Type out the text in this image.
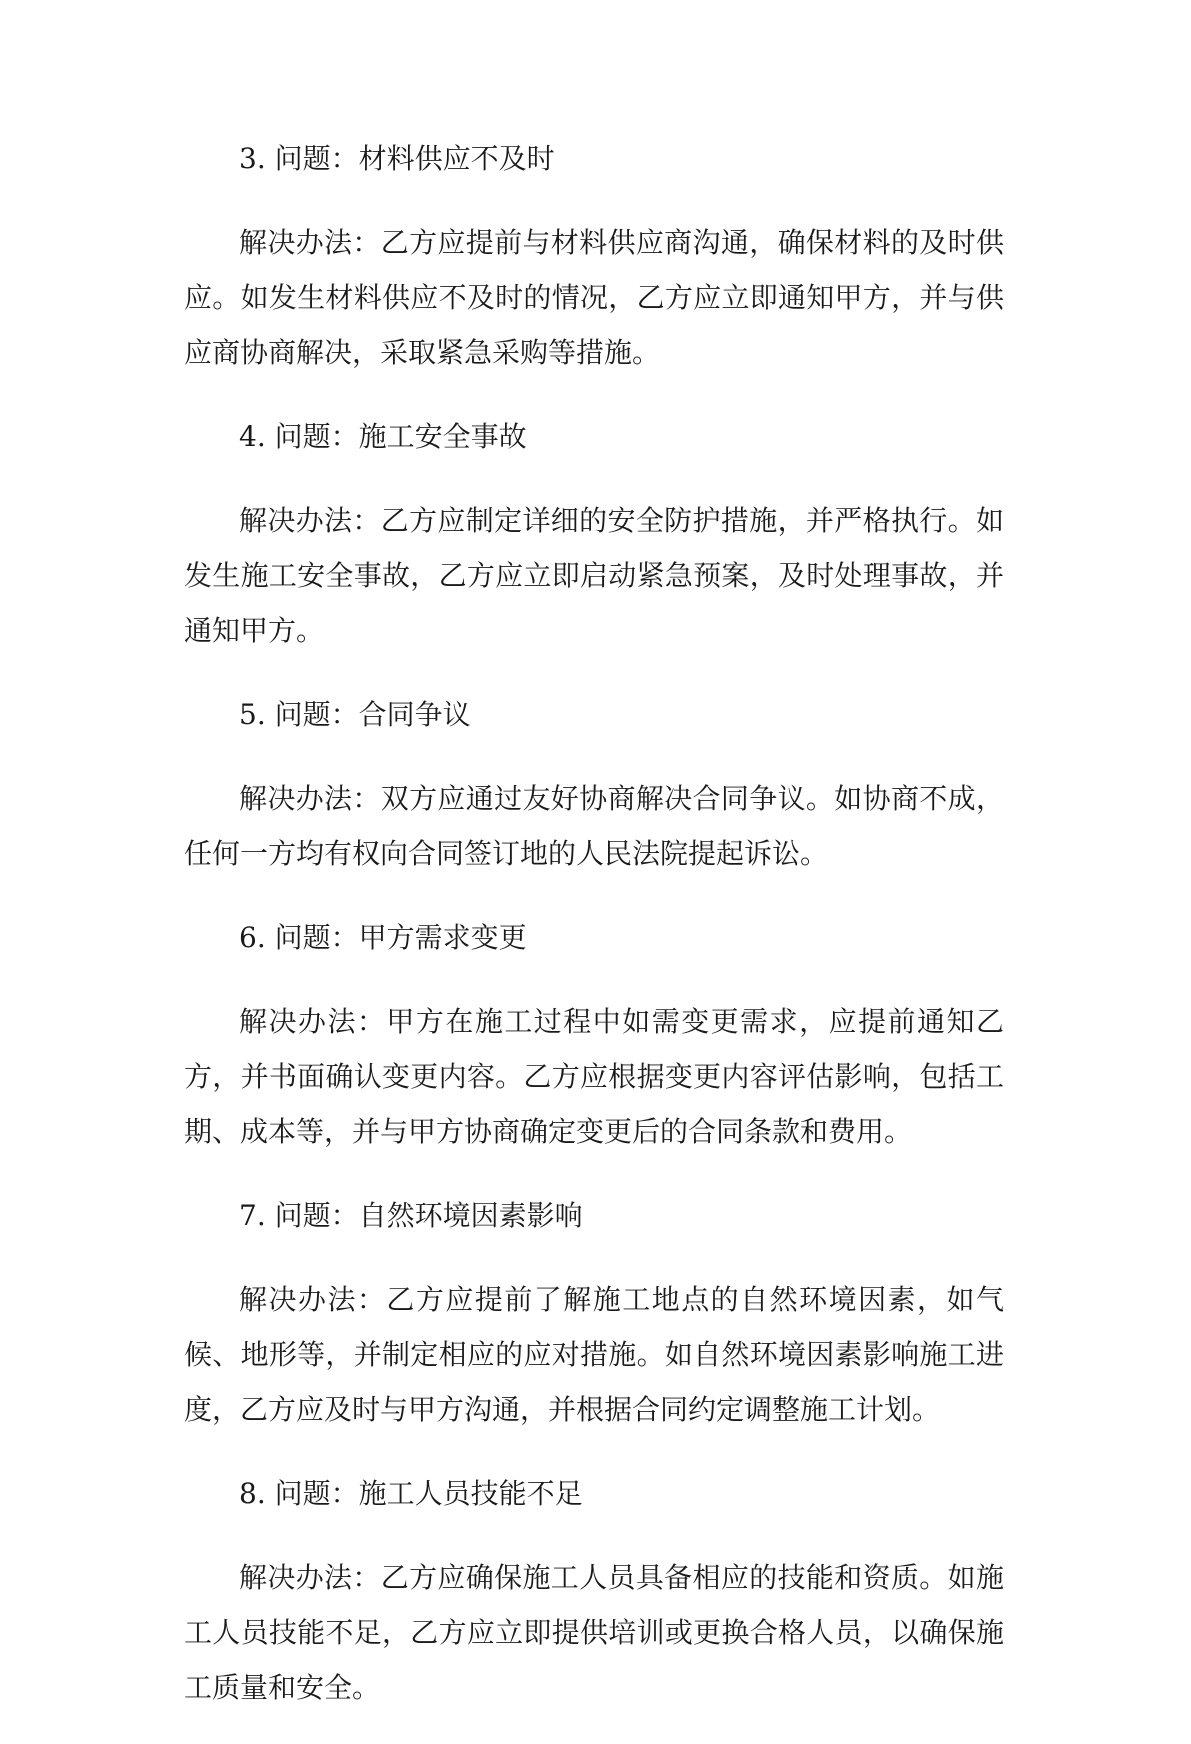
3. 问题：材料供应不及时

解决办法：乙方应提前与材料供应商沟通，确保材料的及时供应。如发生材料供应不及时的情况，乙方应立即通知甲方，并与供应商协商解决，采取紧急采购等措施。

4. 问题：施工安全事故

解决办法：乙方应制定详细的安全防护措施，并严格执行。如发生施工安全事故，乙方应立即启动紧急预案，及时处理事故，并通知甲方。

5. 问题：合同争议

解决办法：双方应通过友好协商解决合同争议。如协商不成，任何一方均有权向合同签订地的人民法院提起诉讼。

6. 问题：甲方需求变更

解决办法：甲方在施工过程中如需变更需求，应提前通知乙方，并书面确认变更内容。乙方应根据变更内容评估影响，包括工期、成本等，并与甲方协商确定变更后的合同条款和费用。

7. 问题：自然环境因素影响

解决办法：乙方应提前了解施工地点的自然环境因素，如气候、地形等，并制定相应的应对措施。如自然环境因素影响施工进度，乙方应及时与甲方沟通，并根据合同约定调整施工计划。

8. 问题：施工人员技能不足

解决办法：乙方应确保施工人员具备相应的技能和资质。如施工人员技能不足，乙方应立即提供培训或更换合格人员，以确保施工质量和安全。
